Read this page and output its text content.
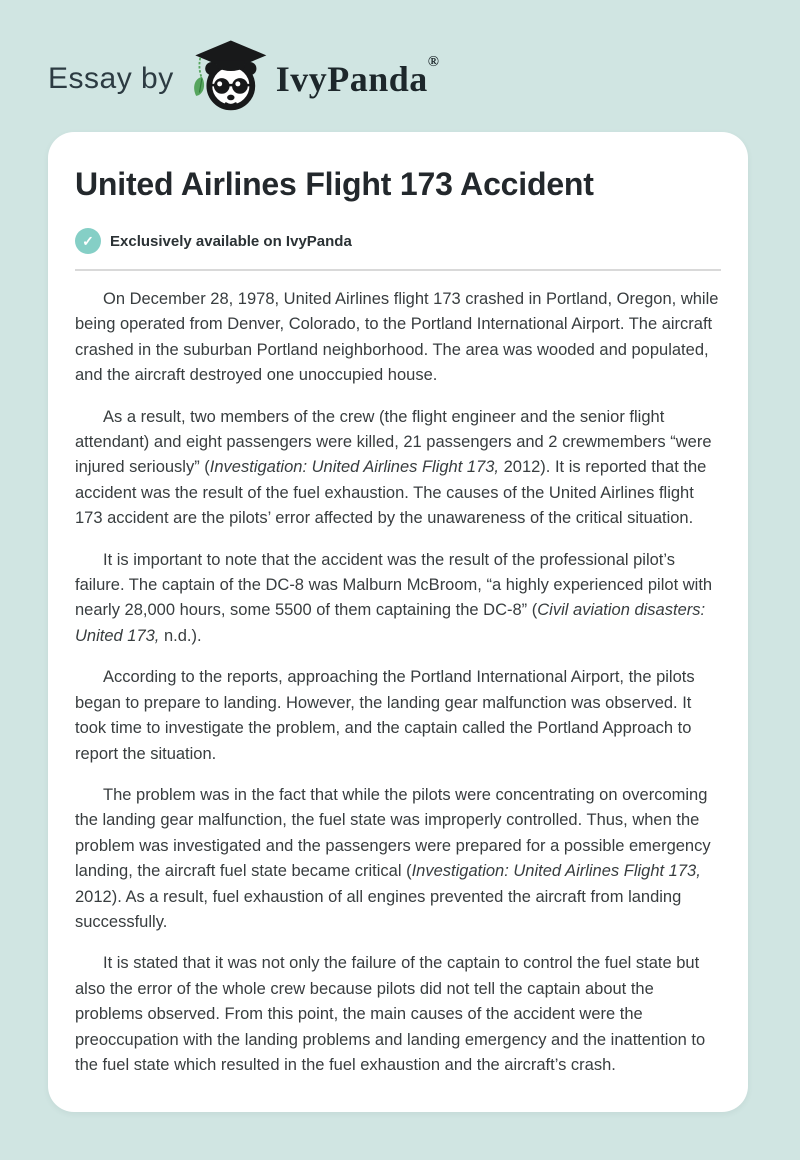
Essay by	IvyPanda®
United Airlines Flight 173 Accident
✓	Exclusively available on IvyPanda

On December 28, 1978, United Airlines flight 173 crashed in Portland, Oregon, while being operated from Denver, Colorado, to the Portland International Airport. The aircraft crashed in the suburban Portland neighborhood. The area was wooded and populated, and the aircraft destroyed one unoccupied house.

As a result, two members of the crew (the flight engineer and the senior flight attendant) and eight passengers were killed, 21 passengers and 2 crewmembers “were injured seriously” (Investigation: United Airlines Flight 173, 2012). It is reported that the accident was the result of the fuel exhaustion. The causes of the United Airlines flight 173 accident are the pilots’ error affected by the unawareness of the critical situation.

It is important to note that the accident was the result of the professional pilot’s failure. The captain of the DC-8 was Malburn McBroom, “a highly experienced pilot with nearly 28,000 hours, some 5500 of them captaining the DC-8” (Civil aviation disasters: United 173, n.d.).

According to the reports, approaching the Portland International Airport, the pilots began to prepare to landing. However, the landing gear malfunction was observed. It took time to investigate the problem, and the captain called the Portland Approach to report the situation.

The problem was in the fact that while the pilots were concentrating on overcoming the landing gear malfunction, the fuel state was improperly controlled. Thus, when the problem was investigated and the passengers were prepared for a possible emergency landing, the aircraft fuel state became critical (Investigation: United Airlines Flight 173, 2012). As a result, fuel exhaustion of all engines prevented the aircraft from landing successfully.

It is stated that it was not only the failure of the captain to control the fuel state but also the error of the whole crew because pilots did not tell the captain about the problems observed. From this point, the main causes of the accident were the preoccupation with the landing problems and landing emergency and the inattention to the fuel state which resulted in the fuel exhaustion and the aircraft’s crash.
